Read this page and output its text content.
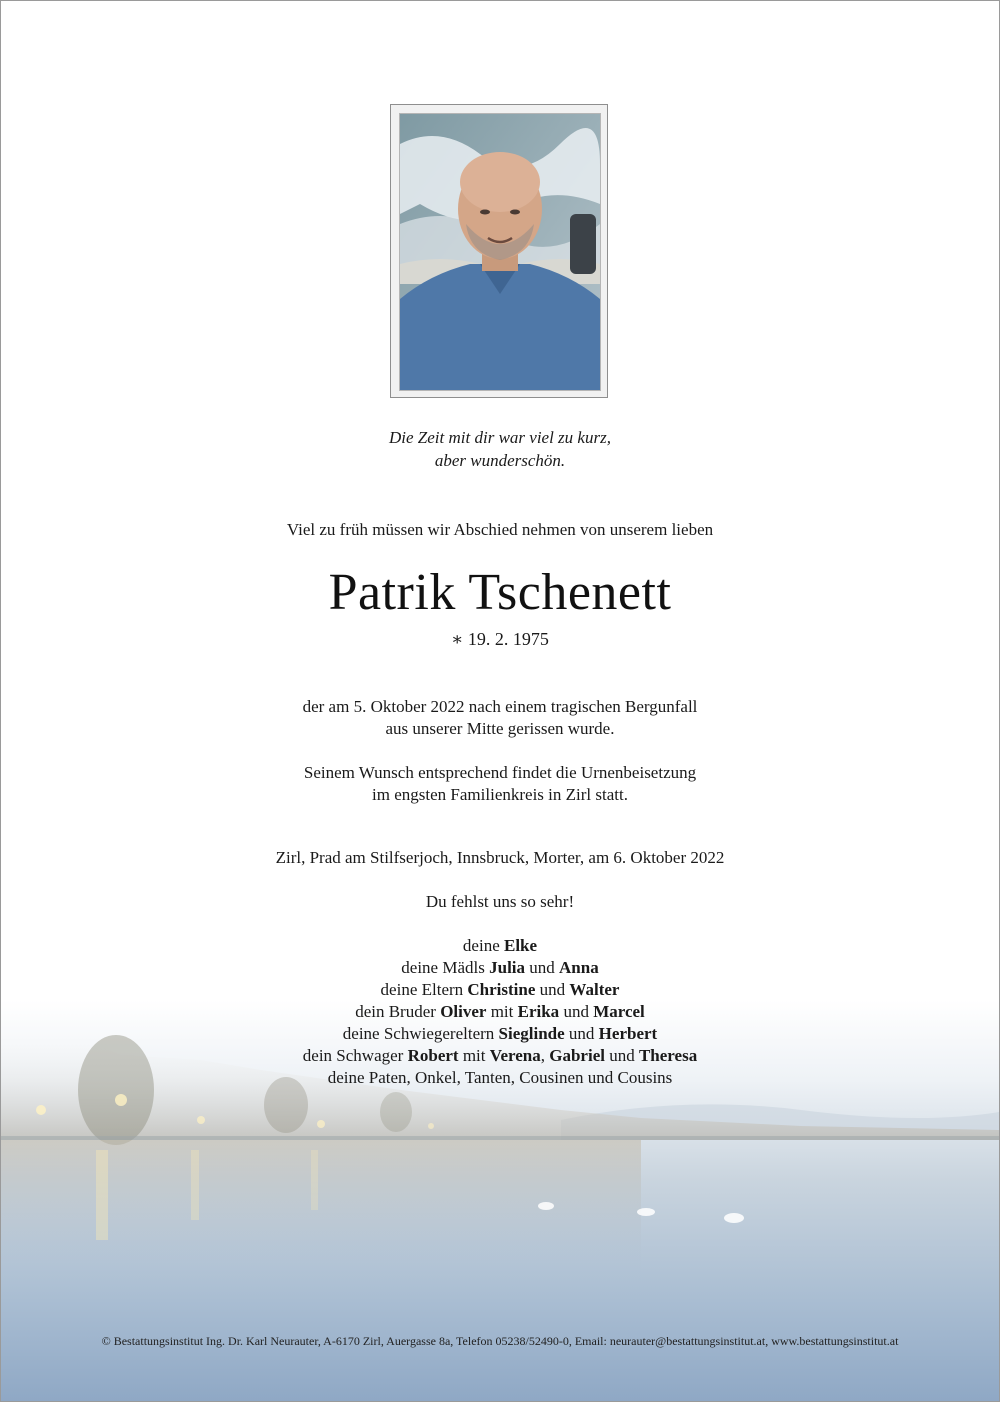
Die Zeit mit dir war viel zu kurz,
aber wunderschön.
Viel zu früh müssen wir Abschied nehmen von unserem lieben
Patrik Tschenett
∗ 19. 2. 1975
der am 5. Oktober 2022 nach einem tragischen Bergunfall
aus unserer Mitte gerissen wurde.
Seinem Wunsch entsprechend findet die Urnenbeisetzung
im engsten Familienkreis in Zirl statt.
Zirl, Prad am Stilfserjoch, Innsbruck, Morter, am 6. Oktober 2022
Du fehlst uns so sehr!
deine Elke
deine Mädls Julia und Anna
deine Eltern Christine und Walter
dein Bruder Oliver mit Erika und Marcel
deine Schwiegereltern Sieglinde und Herbert
dein Schwager Robert mit Verena, Gabriel und Theresa
deine Paten, Onkel, Tanten, Cousinen und Cousins
© Bestattungsinstitut Ing. Dr. Karl Neurauter, A-6170 Zirl, Auergasse 8a, Telefon 05238/52490-0, Email: neurauter@bestattungsinstitut.at, www.bestattungsinstitut.at
